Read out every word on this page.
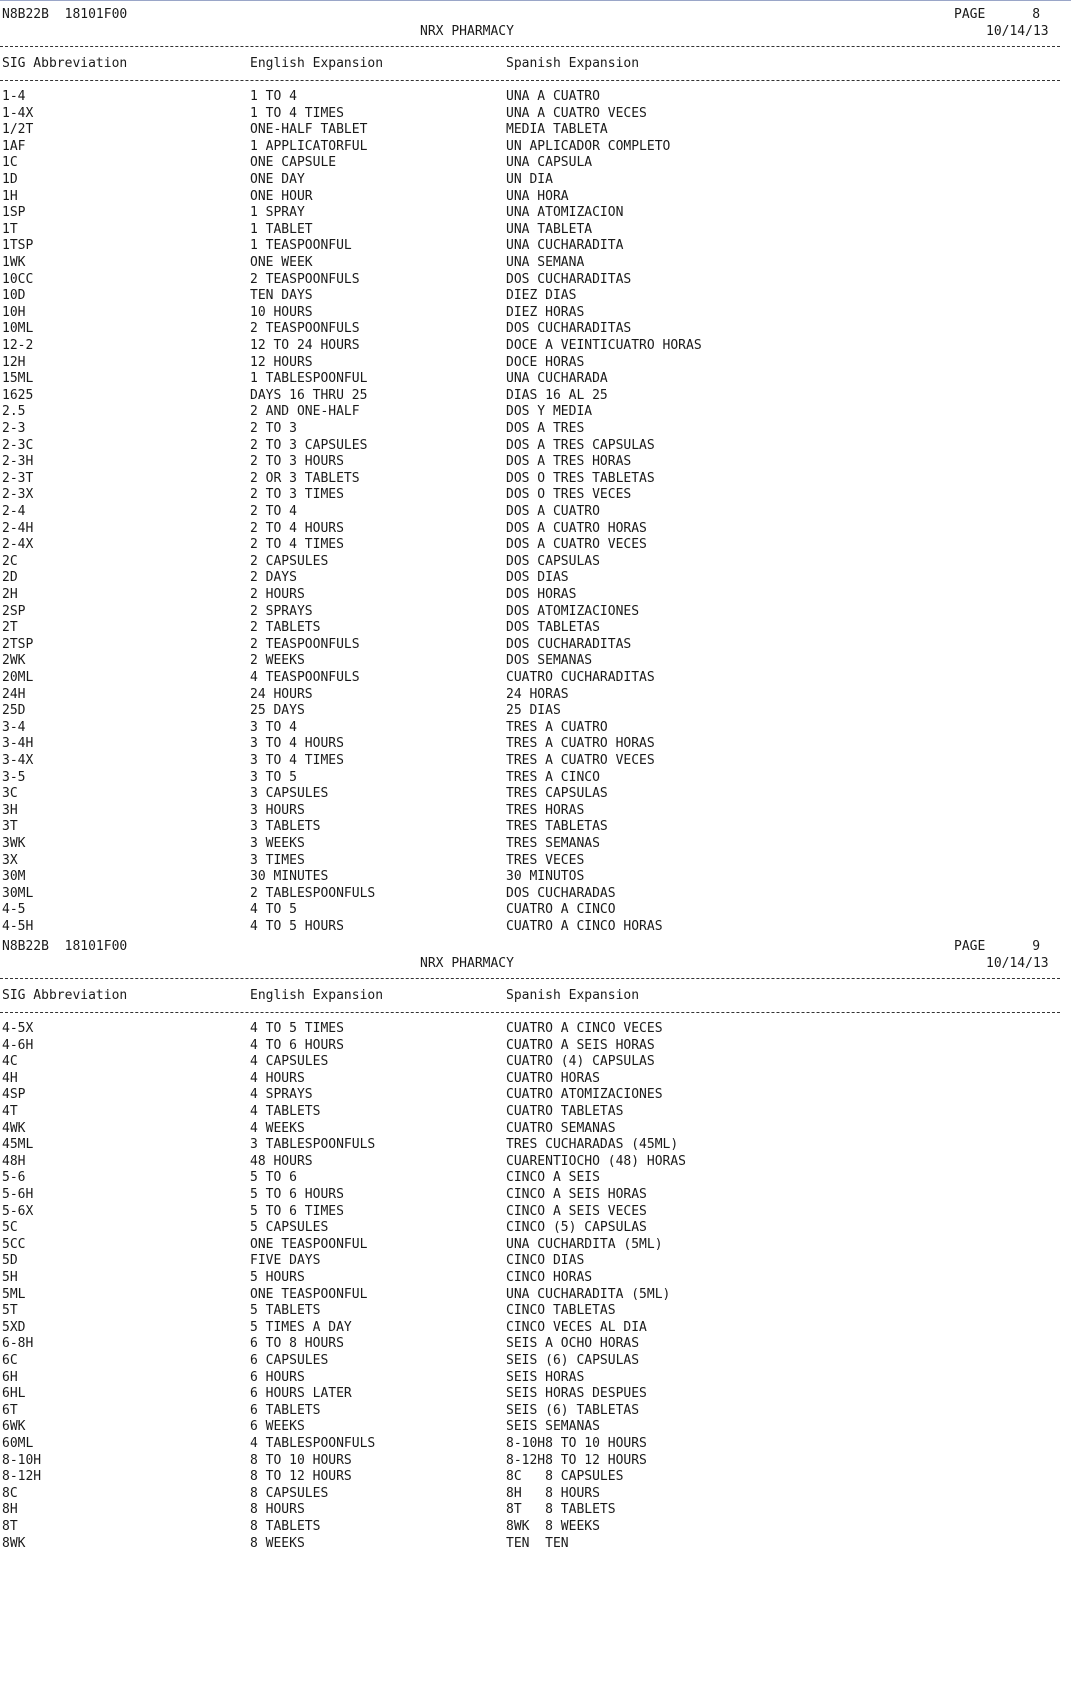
N8B22B  18101F00	PAGE      8
NRX PHARMACY	10/14/13
SIG Abbreviation	English Expansion	Spanish Expansion
1-4	1 TO 4	UNA A CUATRO
1-4X	1 TO 4 TIMES	UNA A CUATRO VECES
1/2T	ONE-HALF TABLET	MEDIA TABLETA
1AF	1 APPLICATORFUL	UN APLICADOR COMPLETO
1C	ONE CAPSULE	UNA CAPSULA
1D	ONE DAY	UN DIA
1H	ONE HOUR	UNA HORA
1SP	1 SPRAY	UNA ATOMIZACION
1T	1 TABLET	UNA TABLETA
1TSP	1 TEASPOONFUL	UNA CUCHARADITA
1WK	ONE WEEK	UNA SEMANA
10CC	2 TEASPOONFULS	DOS CUCHARADITAS
10D	TEN DAYS	DIEZ DIAS
10H	10 HOURS	DIEZ HORAS
10ML	2 TEASPOONFULS	DOS CUCHARADITAS
12-2	12 TO 24 HOURS	DOCE A VEINTICUATRO HORAS
12H	12 HOURS	DOCE HORAS
15ML	1 TABLESPOONFUL	UNA CUCHARADA
1625	DAYS 16 THRU 25	DIAS 16 AL 25
2.5	2 AND ONE-HALF	DOS Y MEDIA
2-3	2 TO 3	DOS A TRES
2-3C	2 TO 3 CAPSULES	DOS A TRES CAPSULAS
2-3H	2 TO 3 HOURS	DOS A TRES HORAS
2-3T	2 OR 3 TABLETS	DOS O TRES TABLETAS
2-3X	2 TO 3 TIMES	DOS O TRES VECES
2-4	2 TO 4	DOS A CUATRO
2-4H	2 TO 4 HOURS	DOS A CUATRO HORAS
2-4X	2 TO 4 TIMES	DOS A CUATRO VECES
2C	2 CAPSULES	DOS CAPSULAS
2D	2 DAYS	DOS DIAS
2H	2 HOURS	DOS HORAS
2SP	2 SPRAYS	DOS ATOMIZACIONES
2T	2 TABLETS	DOS TABLETAS
2TSP	2 TEASPOONFULS	DOS CUCHARADITAS
2WK	2 WEEKS	DOS SEMANAS
20ML	4 TEASPOONFULS	CUATRO CUCHARADITAS
24H	24 HOURS	24 HORAS
25D	25 DAYS	25 DIAS
3-4	3 TO 4	TRES A CUATRO
3-4H	3 TO 4 HOURS	TRES A CUATRO HORAS
3-4X	3 TO 4 TIMES	TRES A CUATRO VECES
3-5	3 TO 5	TRES A CINCO
3C	3 CAPSULES	TRES CAPSULAS
3H	3 HOURS	TRES HORAS
3T	3 TABLETS	TRES TABLETAS
3WK	3 WEEKS	TRES SEMANAS
3X	3 TIMES	TRES VECES
30M	30 MINUTES	30 MINUTOS
30ML	2 TABLESPOONFULS	DOS CUCHARADAS
4-5	4 TO 5	CUATRO A CINCO
4-5H	4 TO 5 HOURS	CUATRO A CINCO HORAS
N8B22B  18101F00	PAGE      9
NRX PHARMACY	10/14/13
SIG Abbreviation	English Expansion	Spanish Expansion
4-5X	4 TO 5 TIMES	CUATRO A CINCO VECES
4-6H	4 TO 6 HOURS	CUATRO A SEIS HORAS
4C	4 CAPSULES	CUATRO (4) CAPSULAS
4H	4 HOURS	CUATRO HORAS
4SP	4 SPRAYS	CUATRO ATOMIZACIONES
4T	4 TABLETS	CUATRO TABLETAS
4WK	4 WEEKS	CUATRO SEMANAS
45ML	3 TABLESPOONFULS	TRES CUCHARADAS (45ML)
48H	48 HOURS	CUARENTIOCHO (48) HORAS
5-6	5 TO 6	CINCO A SEIS
5-6H	5 TO 6 HOURS	CINCO A SEIS HORAS
5-6X	5 TO 6 TIMES	CINCO A SEIS VECES
5C	5 CAPSULES	CINCO (5) CAPSULAS
5CC	ONE TEASPOONFUL	UNA CUCHARDITA (5ML)
5D	FIVE DAYS	CINCO DIAS
5H	5 HOURS	CINCO HORAS
5ML	ONE TEASPOONFUL	UNA CUCHARADITA (5ML)
5T	5 TABLETS	CINCO TABLETAS
5XD	5 TIMES A DAY	CINCO VECES AL DIA
6-8H	6 TO 8 HOURS	SEIS A OCHO HORAS
6C	6 CAPSULES	SEIS (6) CAPSULAS
6H	6 HOURS	SEIS HORAS
6HL	6 HOURS LATER	SEIS HORAS DESPUES
6T	6 TABLETS	SEIS (6) TABLETAS
6WK	6 WEEKS	SEIS SEMANAS
60ML	4 TABLESPOONFULS	8-10H8 TO 10 HOURS
8-10H	8 TO 10 HOURS	8-12H8 TO 12 HOURS
8-12H	8 TO 12 HOURS	8C   8 CAPSULES
8C	8 CAPSULES	8H   8 HOURS
8H	8 HOURS	8T   8 TABLETS
8T	8 TABLETS	8WK  8 WEEKS
8WK	8 WEEKS	TEN  TEN
